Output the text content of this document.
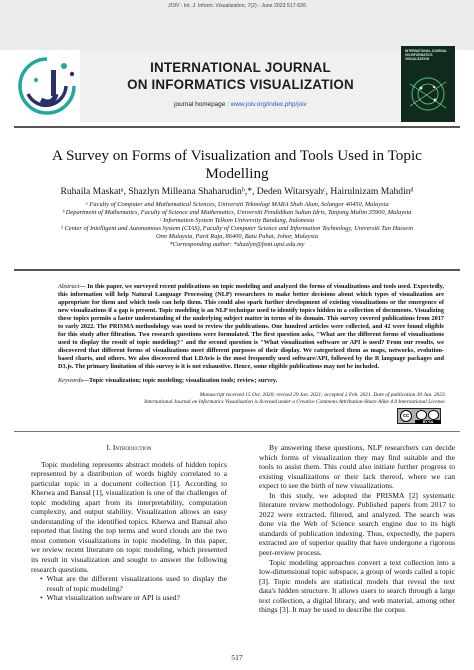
JOIV : Int. J. Inform. Visualization, 7(2) - June 2023 517-526
INTERNATIONAL JOURNAL
ON INFORMATICS VISUALIZATION
journal homepage : www.joiv.org/index.php/joiv
INTERNATIONAL JOURNAL ON INFORMATICS VISUALIZATION
A Survey on Forms of Visualization and Tools Used in Topic
Modelling
Ruhaila Maskatᵃ, Shazlyn Milleana Shaharudinᵇ,*, Deden Witarsyahᶜ, Hairulnizam Mahdinᵈ
ᵃ Faculty of Computer and Mathematical Sciences, Universiti Teknologi MARA Shah Alam, Selangor 40450, Malaysia
ᵇ Department of Mathematics, Faculty of Science and Mathematics, Universiti Pendidikan Sultan Idris, Tanjong Malim 35900, Malaysia
ᶜ Information System Telkom University Bandung, Indonesia
ᵈ Center of Intelligent and Autonomous System (CIAS), Faculty of Computer Science and Information Technology, Universiti Tun Hussein
Onn Malaysia, Parit Raja, 86400, Batu Pahat, Johor, Malaysia
*Corresponding author: *shazlyn@fsmt.upsi.edu.my
Abstract— In this paper, we surveyed recent publications on topic modeling and analyzed the forms of visualizations and tools used. Expectedly, this information will help Natural Language Processing (NLP) researchers to make better decisions about which types of visualization are appropriate for them and which tools can help them. This could also spark further development of existing visualizations or the emergence of new visualizations if a gap is present. Topic modeling is an NLP technique used to identify topics hidden in a collection of documents. Visualizing these topics permits a faster understanding of the underlying subject matter in terms of its domain. This survey covered publications from 2017 to early 2022. The PRISMA methodology was used to review the publications. One hundred articles were collected, and 42 were found eligible for this study after filtration. Two research questions were formulated. The first question asks, "What are the different forms of visualizations used to display the result of topic modeling?" and the second question is "What visualization software or API is used? From our results, we discovered that different forms of visualizations meet different purposes of their display. We categorized them as maps, networks, evolution-based charts, and others. We also discovered that LDAvis is the most frequently used software/API, followed by the R language packages and D3.js. The primary limitation of this survey is it is not exhaustive. Hence, some eligible publications may not be included.
Keywords—Topic visualization; topic modeling; visualization tools; review; survey.
Manuscript received 15 Oct. 2020; revised 29 Jan. 2021; accepted 2 Feb. 2021. Date of publication 30 Jun. 2023.
International Journal on Informatics Visualization is licensed under a Creative Commons Attribution-Share Alike 4.0 International License.
cc
BY SA
I. Introduction
Topic modeling represents abstract models of hidden topics represented by a distribution of words highly correlated to a particular topic in a document collection [1]. According to Kherwa and Bansal [1], visualization is one of the challenges of topic modeling apart from its interpretability, computation complexity, and output stability. Visualization allows an easy understanding of the identified topics. Kherwa and Bansal also reported that listing the top terms and word clouds are the two most common visualizations in topic modeling. In this paper, we review recent literature on topic modeling, which presented its result in visualization and sought to answer the following research questions.
• What are the different visualizations used to display the result of topic modeling?
• What visualization software or API is used?
By answering these questions, NLP researchers can decide which forms of visualization they may find suitable and the tools to assist them. This could also initiate further progress to existing visualizations or their lack thereof, where we can expect to see the birth of new visualizations.
In this study, we adopted the PRISMA [2] systematic literature review methodology. Published papers from 2017 to 2022 were extracted, filtered, and analyzed. The search was done via the Web of Science search engine due to its high standards of publication indexing. Thus, expectedly, the papers extracted are of superior quality that have undergone a rigorous peer-review process.
Topic modeling approaches convert a text collection into a low-dimensional topic subspace, a group of words called a topic [3]. Topic models are statistical models that reveal the text data's hidden structure. It allows users to search through a large text collection, a digital library, and web material, among other things [3]. It may be used to describe the corpus
517
